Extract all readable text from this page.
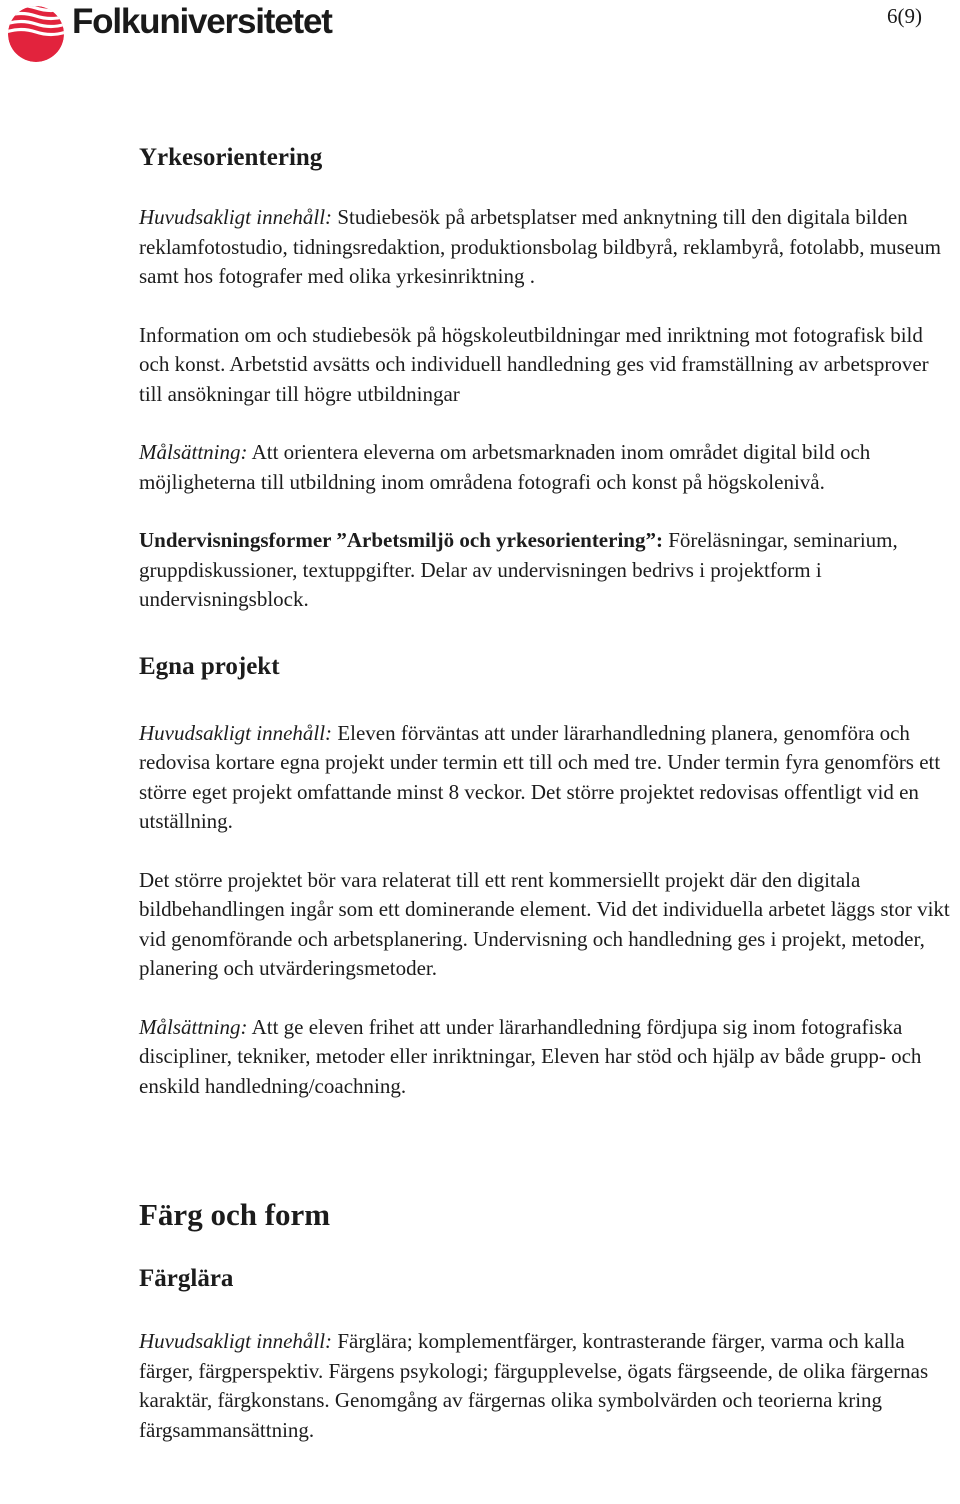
Folkuniversitetet	6(9)
Yrkesorientering

Huvudsakligt innehåll: Studiebesök på arbetsplatser med anknytning till den digitala bilden reklamfotostudio, tidningsredaktion, produktionsbolag bildbyrå, reklambyrå, fotolabb, museum samt hos fotografer med olika yrkesinriktning .

Information om och studiebesök på högskoleutbildningar med inriktning mot fotografisk bild och konst. Arbetstid avsätts och individuell handledning ges vid framställning av arbetsprover till ansökningar till högre utbildningar

Målsättning: Att orientera eleverna om arbetsmarknaden inom området digital bild och möjligheterna till utbildning inom områdena fotografi och konst på högskolenivå.

Undervisningsformer ”Arbetsmiljö och yrkesorientering”: Föreläsningar, seminarium, gruppdiskussioner, textuppgifter. Delar av undervisningen bedrivs i projektform i undervisningsblock.

Egna projekt

Huvudsakligt innehåll: Eleven förväntas att under lärarhandledning planera, genomföra och redovisa kortare egna projekt under termin ett till och med tre. Under termin fyra genomförs ett större eget projekt omfattande minst 8 veckor. Det större projektet redovisas offentligt vid en utställning.

Det större projektet bör vara relaterat till ett rent kommersiellt projekt där den digitala bildbehandlingen ingår som ett dominerande element. Vid det individuella arbetet läggs stor vikt vid genomförande och arbetsplanering. Undervisning och handledning ges i projekt, metoder, planering och utvärderingsmetoder.

Målsättning: Att ge eleven frihet att under lärarhandledning fördjupa sig inom fotografiska discipliner, tekniker, metoder eller inriktningar, Eleven har stöd och hjälp av både grupp- och enskild handledning/coachning.

Färg och form
Färglära

Huvudsakligt innehåll: Färglära; komplementfärger, kontrasterande färger, varma och kalla färger, färgperspektiv. Färgens psykologi; färgupplevelse, ögats färgseende, de olika färgernas karaktär, färgkonstans. Genomgång av färgernas olika symbolvärden och teorierna kring färgsammansättning.
